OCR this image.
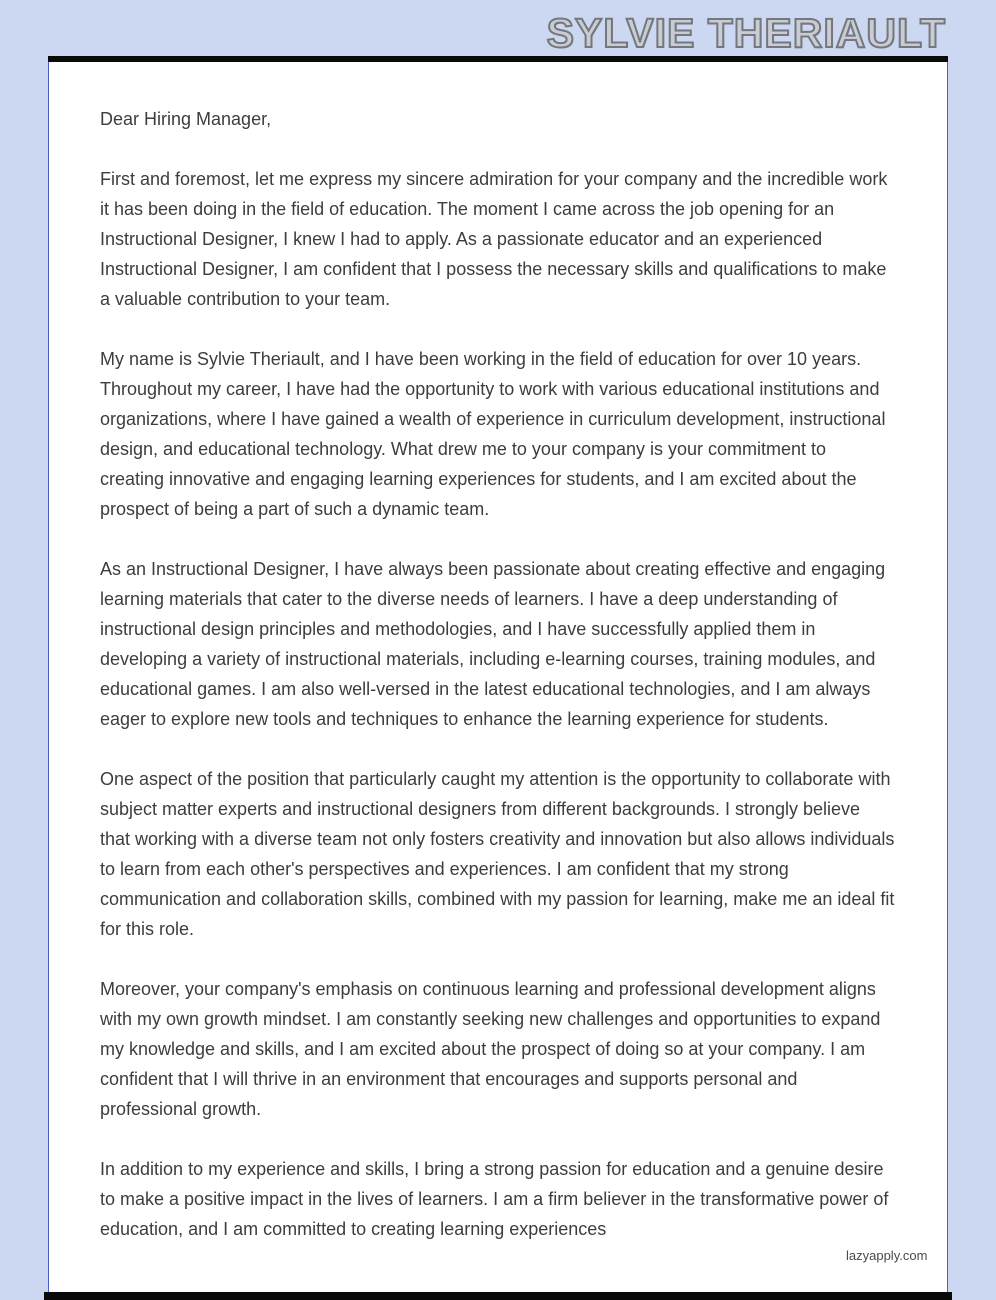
SYLVIE THERIAULT

Dear Hiring Manager,

First and foremost, let me express my sincere admiration for your company and the incredible work it has been doing in the field of education. The moment I came across the job opening for an Instructional Designer, I knew I had to apply. As a passionate educator and an experienced Instructional Designer, I am confident that I possess the necessary skills and qualifications to make a valuable contribution to your team.

My name is Sylvie Theriault, and I have been working in the field of education for over 10 years. Throughout my career, I have had the opportunity to work with various educational institutions and organizations, where I have gained a wealth of experience in curriculum development, instructional design, and educational technology. What drew me to your company is your commitment to creating innovative and engaging learning experiences for students, and I am excited about the prospect of being a part of such a dynamic team.

As an Instructional Designer, I have always been passionate about creating effective and engaging learning materials that cater to the diverse needs of learners. I have a deep understanding of instructional design principles and methodologies, and I have successfully applied them in developing a variety of instructional materials, including e-learning courses, training modules, and educational games. I am also well-versed in the latest educational technologies, and I am always eager to explore new tools and techniques to enhance the learning experience for students.

One aspect of the position that particularly caught my attention is the opportunity to collaborate with subject matter experts and instructional designers from different backgrounds. I strongly believe that working with a diverse team not only fosters creativity and innovation but also allows individuals to learn from each other's perspectives and experiences. I am confident that my strong communication and collaboration skills, combined with my passion for learning, make me an ideal fit for this role.

Moreover, your company's emphasis on continuous learning and professional development aligns with my own growth mindset. I am constantly seeking new challenges and opportunities to expand my knowledge and skills, and I am excited about the prospect of doing so at your company. I am confident that I will thrive in an environment that encourages and supports personal and professional growth.

In addition to my experience and skills, I bring a strong passion for education and a genuine desire to make a positive impact in the lives of learners. I am a firm believer in the transformative power of education, and I am committed to creating learning experiences

lazyapply.com
